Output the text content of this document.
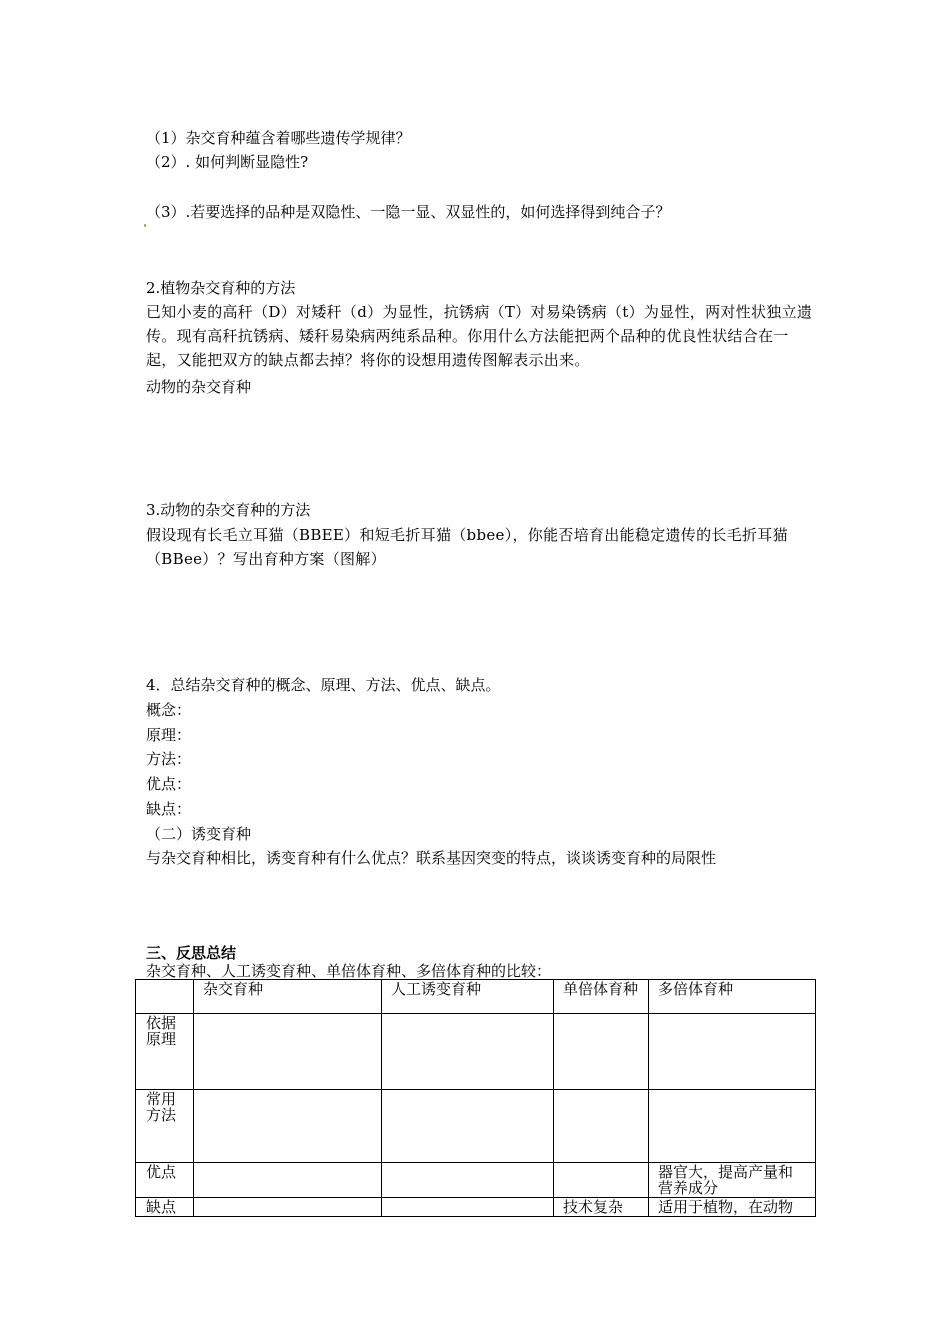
（1）杂交育种蕴含着哪些遗传学规律？
（2）. 如何判断显隐性?
（3）.若要选择的品种是双隐性、一隐一显、双显性的，如何选择得到纯合子？
2.植物杂交育种的方法
已知小麦的高秆（D）对矮秆（d）为显性，抗锈病（T）对易染锈病（t）为显性，两对性状独立遗传。现有高秆抗锈病、矮秆易染病两纯系品种。你用什么方法能把两个品种的优良性状结合在一起，又能把双方的缺点都去掉？将你的设想用遗传图解表示出来。
动物的杂交育种
3.动物的杂交育种的方法
假设现有长毛立耳猫（BBEE）和短毛折耳猫（bbee），你能否培育出能稳定遗传的长毛折耳猫（BBee）？写出育种方案（图解）
4．总结杂交育种的概念、原理、方法、优点、缺点。
概念：
原理：
方法：
优点：
缺点：
（二）诱变育种
与杂交育种相比，诱变育种有什么优点？联系基因突变的特点，谈谈诱变育种的局限性
三、反思总结
杂交育种、人工诱变育种、单倍体育种、多倍体育种的比较：
	杂交育种	人工诱变育种	单倍体育种	多倍体育种
依据原理				
常用方法				
优点				器官大，提高产量和营养成分
缺点			技术复杂	适用于植物，在动物
